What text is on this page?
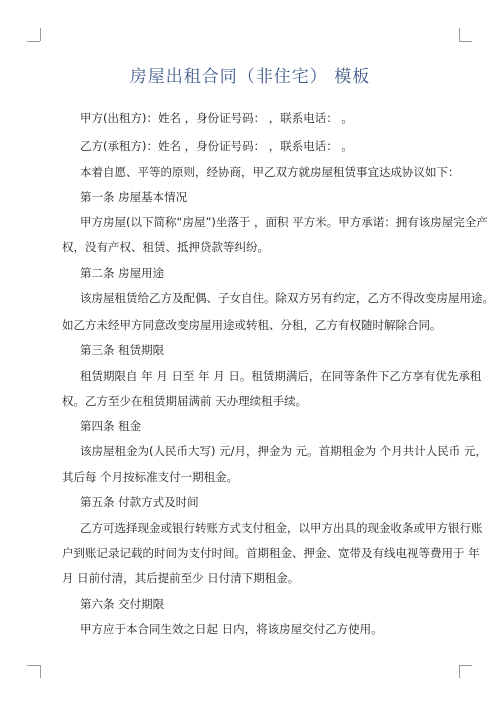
房屋出租合同（非住宅） 模板
甲方(出租方)：姓名 ，身份证号码： ，联系电话： 。
乙方(承租方)：姓名 ，身份证号码： ，联系电话： 。
本着自愿、平等的原则，经协商，甲乙双方就房屋租赁事宜达成协议如下：
第一条 房屋基本情况
甲方房屋(以下简称“房屋”)坐落于 ，面积 平方米。甲方承诺：拥有该房屋完全产
权，没有产权、租赁、抵押贷款等纠纷。
第二条 房屋用途
该房屋租赁给乙方及配偶、子女自住。除双方另有约定，乙方不得改变房屋用途。
如乙方未经甲方同意改变房屋用途或转租、分租，乙方有权随时解除合同。
第三条 租赁期限
租赁期限自 年 月 日至 年 月 日。租赁期满后，在同等条件下乙方享有优先承租
权。乙方至少在租赁期届满前 天办理续租手续。
第四条 租金
该房屋租金为(人民币大写) 元/月，押金为 元。首期租金为 个月共计人民币 元，
其后每 个月按标准支付一期租金。
第五条 付款方式及时间
乙方可选择现金或银行转账方式支付租金，以甲方出具的现金收条或甲方银行账
户到账记录记载的时间为支付时间。首期租金、押金、宽带及有线电视等费用于 年
月 日前付清，其后提前至少 日付清下期租金。
第六条 交付期限
甲方应于本合同生效之日起 日内，将该房屋交付乙方使用。
